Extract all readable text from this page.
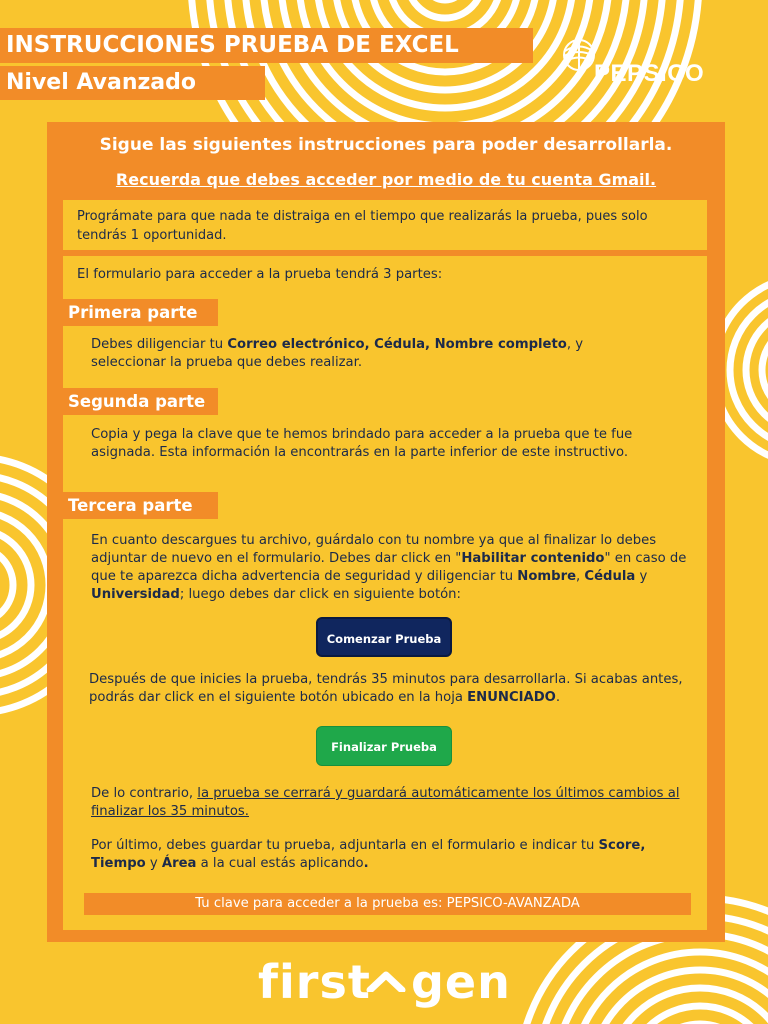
INSTRUCCIONES PRUEBA DE EXCEL
Nivel Avanzado	PEPSICO
Sigue las siguientes instrucciones para poder desarrollarla.
Recuerda que debes acceder por medio de tu cuenta Gmail.
Prográmate para que nada te distraiga en el tiempo que realizarás la prueba, pues solo tendrás 1 oportunidad.
El formulario para acceder a la prueba tendrá 3 partes:
Primera parte
Debes diligenciar tu Correo electrónico, Cédula, Nombre completo, y seleccionar la prueba que debes realizar.
Segunda parte
Copia y pega la clave que te hemos brindado para acceder a la prueba que te fue asignada. Esta información la encontrarás en la parte inferior de este instructivo.
Tercera parte
En cuanto descargues tu archivo, guárdalo con tu nombre ya que al finalizar lo debes adjuntar de nuevo en el formulario. Debes dar click en "Habilitar contenido" en caso de que te aparezca dicha advertencia de seguridad y diligenciar tu Nombre, Cédula y Universidad; luego debes dar click en siguiente botón:
Comenzar Prueba
Después de que inicies la prueba, tendrás 35 minutos para desarrollarla. Si acabas antes, podrás dar click en el siguiente botón ubicado en la hoja ENUNCIADO.
Finalizar Prueba
De lo contrario, la prueba se cerrará y guardará automáticamente los últimos cambios al finalizar los 35 minutos.
Por último, debes guardar tu prueba, adjuntarla en el formulario e indicar tu Score, Tiempo y Área a la cual estás aplicando.
Tu clave para acceder a la prueba es: PEPSICO-AVANZADA
first gen
